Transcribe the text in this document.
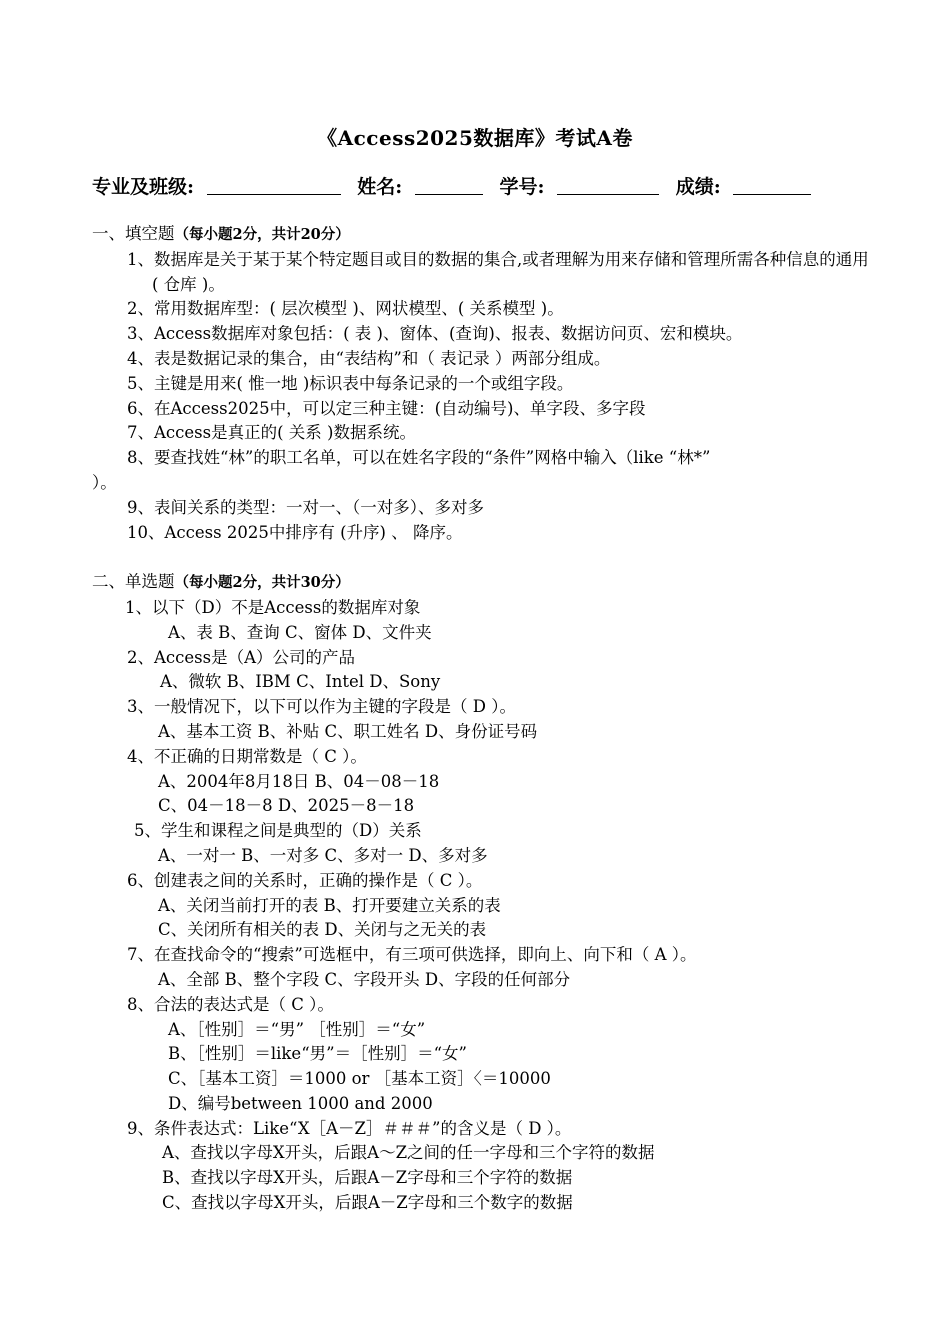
《Access2025数据库》考试A卷
专业及班级:	姓名:	学号:	成绩:
一、填空题（每小题2分，共计20分）
1、数据库是关于某于某个特定题目或目的数据的集合,或者理解为用来存储和管理所需各种信息的通用( 仓库 )。
2、常用数据库型：( 层次模型 )、网状模型、( 关系模型 )。
3、Access数据库对象包括：( 表 )、窗体、(查询)、报表、数据访问页、宏和模块。
4、表是数据记录的集合，由“表结构”和（ 表记录 ）两部分组成。
5、主键是用来( 惟一地 )标识表中每条记录的一个或组字段。
6、在Access2025中，可以定三种主键：(自动编号)、单字段、多字段
7、Access是真正的( 关系 )数据系统。
8、要查找姓“林”的职工名单，可以在姓名字段的“条件”网格中输入（like “林*”
）。
9、表间关系的类型：一对一、（一对多）、多对多
10、Access 2025中排序有 (升序) 、 降序。
二、单选题（每小题2分，共计30分）
1、以下（D）不是Access的数据库对象
A、表 B、查询 C、窗体 D、文件夹
2、Access是（A）公司的产品
A、微软 B、IBM C、Intel D、Sony
3、一般情况下，以下可以作为主键的字段是（ D ）。
A、基本工资 B、补贴 C、职工姓名 D、身份证号码
4、不正确的日期常数是（ C ）。
A、2004年8月18日 B、04－08－18
C、04－18－8 D、2025－8－18
5、学生和课程之间是典型的（D）关系
A、一对一 B、一对多 C、多对一 D、多对多
6、创建表之间的关系时，正确的操作是（ C ）。
A、关闭当前打开的表 B、打开要建立关系的表
C、关闭所有相关的表 D、关闭与之无关的表
7、在查找命令的“搜索”可选框中，有三项可供选择，即向上、向下和（ A ）。
A、全部 B、整个字段 C、字段开头 D、字段的任何部分
8、合法的表达式是（ C ）。
A、［性别］＝“男” ［性别］＝“女”
B、［性别］＝like“男”＝［性别］＝“女”
C、［基本工资］＝1000 or ［基本工资］〈＝10000
D、编号between 1000 and 2000
9、条件表达式：Like“X［A－Z］＃＃＃”的含义是（ D ）。
A、查找以字母X开头，后跟A～Z之间的任一字母和三个字符的数据
B、查找以字母X开头，后跟A－Z字母和三个字符的数据
C、查找以字母X开头，后跟A－Z字母和三个数字的数据
